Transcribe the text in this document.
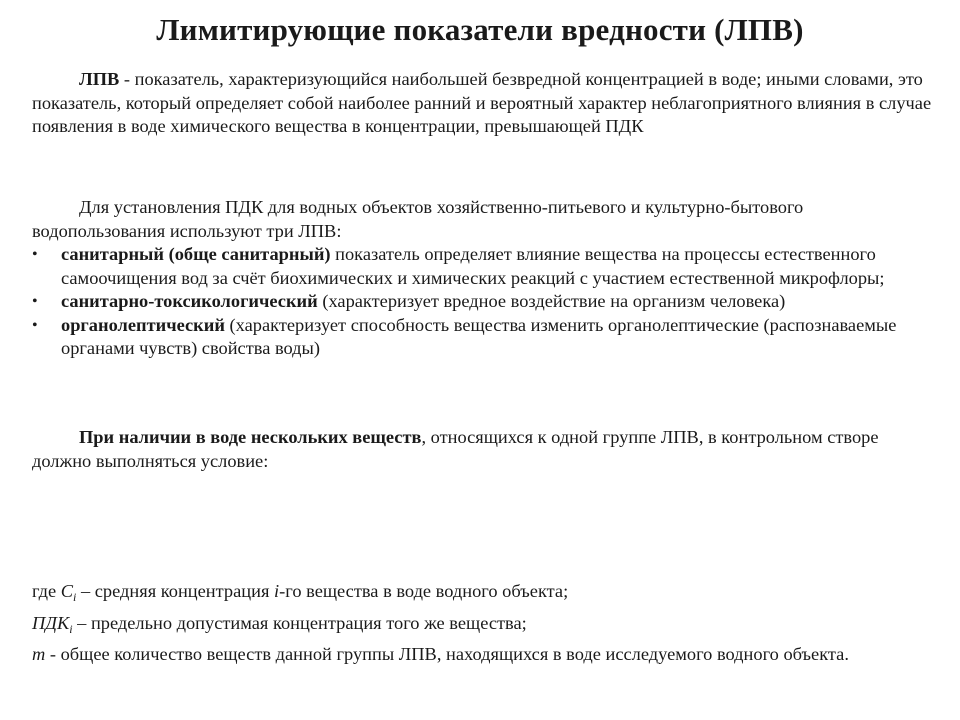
Лимитирующие показатели вредности (ЛПВ)
ЛПВ - показатель, характеризующийся наибольшей безвредной концентрацией в воде; иными словами, это показатель, который определяет собой наиболее ранний и вероятный характер неблагоприятного влияния в случае появления в воде химического вещества в концентрации, превышающей ПДК
Для установления ПДК для водных объектов хозяйственно-питьевого и культурно-бытового водопользования используют три ЛПВ:
• санитарный (обще санитарный) показатель определяет влияние вещества на процессы естественного самоочищения вод за счёт биохимических и химических реакций с участием естественной микрофлоры;
• санитарно-токсикологический (характеризует вредное воздействие на организм человека)
• органолептический (характеризует способность вещества изменить органолептические (распознаваемые органами чувств) свойства воды)
При наличии в воде нескольких веществ, относящихся к одной группе ЛПВ, в контрольном створе должно выполняться условие:
где $C_i$ – средняя концентрация i-го вещества в воде водного объекта;
$ПДК_i$ – предельно допустимая концентрация того же вещества;
m - общее количество веществ данной группы ЛПВ, находящихся в воде исследуемого водного объекта.
